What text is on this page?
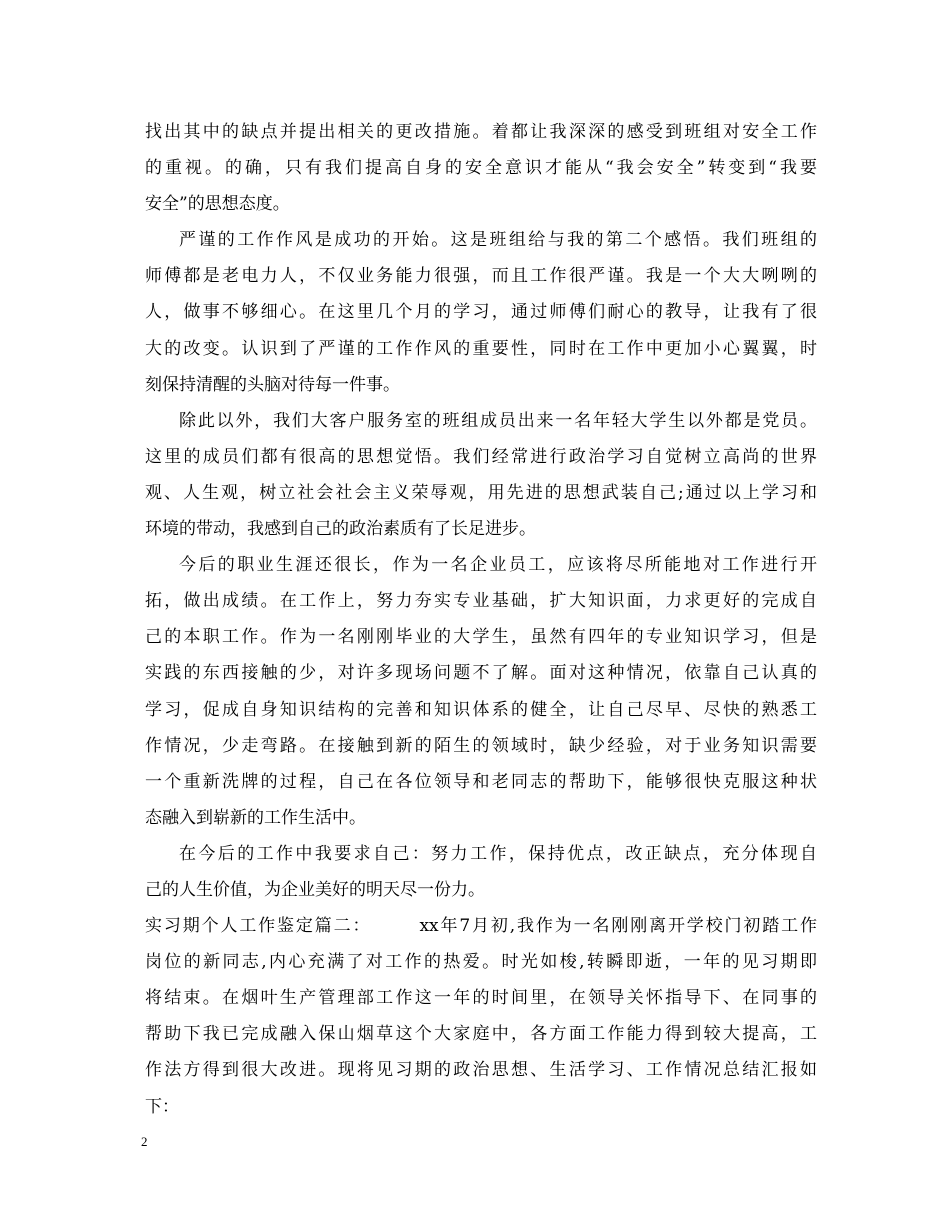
找出其中的缺点并提出相关的更改措施。着都让我深深的感受到班组对安全工作
的重视。的确，只有我们提高自身的安全意识才能从“我会安全”转变到“我要
安全”的思想态度。
严谨的工作作风是成功的开始。这是班组给与我的第二个感悟。我们班组的
师傅都是老电力人，不仅业务能力很强，而且工作很严谨。我是一个大大咧咧的
人，做事不够细心。在这里几个月的学习，通过师傅们耐心的教导，让我有了很
大的改变。认识到了严谨的工作作风的重要性，同时在工作中更加小心翼翼，时
刻保持清醒的头脑对待每一件事。
除此以外，我们大客户服务室的班组成员出来一名年轻大学生以外都是党员。
这里的成员们都有很高的思想觉悟。我们经常进行政治学习自觉树立高尚的世界
观、人生观，树立社会社会主义荣辱观，用先进的思想武装自己;通过以上学习和
环境的带动，我感到自己的政治素质有了长足进步。
今后的职业生涯还很长，作为一名企业员工，应该将尽所能地对工作进行开
拓，做出成绩。在工作上，努力夯实专业基础，扩大知识面，力求更好的完成自
己的本职工作。作为一名刚刚毕业的大学生，虽然有四年的专业知识学习，但是
实践的东西接触的少，对许多现场问题不了解。面对这种情况，依靠自己认真的
学习，促成自身知识结构的完善和知识体系的健全，让自己尽早、尽快的熟悉工
作情况，少走弯路。在接触到新的陌生的领域时，缺少经验，对于业务知识需要
一个重新洗牌的过程，自己在各位领导和老同志的帮助下，能够很快克服这种状
态融入到崭新的工作生活中。
在今后的工作中我要求自己：努力工作，保持优点，改正缺点，充分体现自
己的人生价值，为企业美好的明天尽一份力。
实习期个人工作鉴定篇二：　　　xx年7月初,我作为一名刚刚离开学校门初踏工作
岗位的新同志,内心充满了对工作的热爱。时光如梭,转瞬即逝，一年的见习期即
将结束。在烟叶生产管理部工作这一年的时间里，在领导关怀指导下、在同事的
帮助下我已完成融入保山烟草这个大家庭中，各方面工作能力得到较大提高，工
作法方得到很大改进。现将见习期的政治思想、生活学习、工作情况总结汇报如
下：
2
